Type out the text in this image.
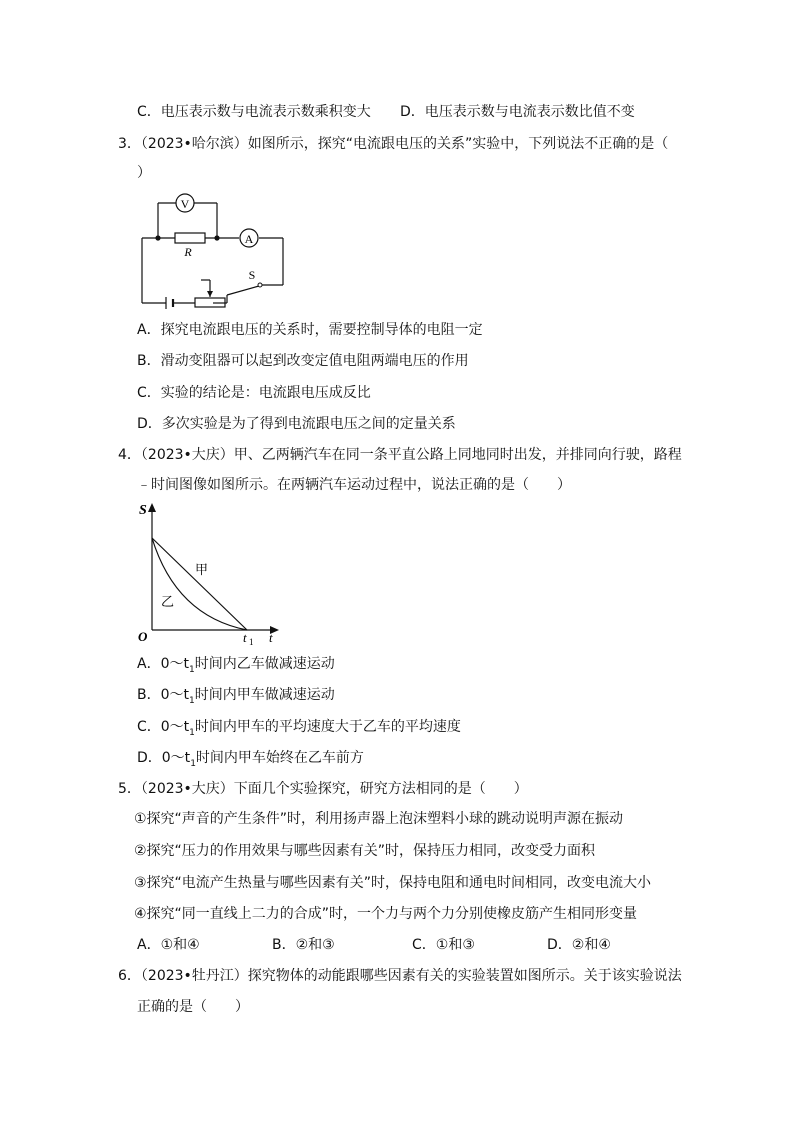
C．电压表示数与电流表示数乘积变大 D．电压表示数与电流表示数比值不变
3．（2023•哈尔滨）如图所示，探究“电流跟电压的关系”实验中，下列说法不正确的是（
）
V
A
R
S
A．探究电流跟电压的关系时，需要控制导体的电阻一定
B．滑动变阻器可以起到改变定值电阻两端电压的作用
C．实验的结论是：电流跟电压成反比
D．多次实验是为了得到电流跟电压之间的定量关系
4．（2023•大庆）甲、乙两辆汽车在同一条平直公路上同地同时出发，并排同向行驶，路程
﹣时间图像如图所示。在两辆汽车运动过程中，说法正确的是（　　）
S
t
O	t 1
甲
乙
A．$0\sim t_1$时间内乙车做减速运动
B．$0\sim t_1$时间内甲车做减速运动
C．$0\sim t_1$时间内甲车的平均速度大于乙车的平均速度
D．$0\sim t_1$时间内甲车始终在乙车前方
5．（2023•大庆）下面几个实验探究，研究方法相同的是（　　）
①探究“声音的产生条件”时，利用扬声器上泡沫塑料小球的跳动说明声源在振动
②探究“压力的作用效果与哪些因素有关”时，保持压力相同，改变受力面积
③探究“电流产生热量与哪些因素有关”时，保持电阻和通电时间相同，改变电流大小
④探究“同一直线上二力的合成”时，一个力与两个力分别使橡皮筋产生相同形变量
A．①和④	B．②和③	C．①和③	D．②和④
6．（2023•牡丹江）探究物体的动能跟哪些因素有关的实验装置如图所示。关于该实验说法
正确的是（　　）
